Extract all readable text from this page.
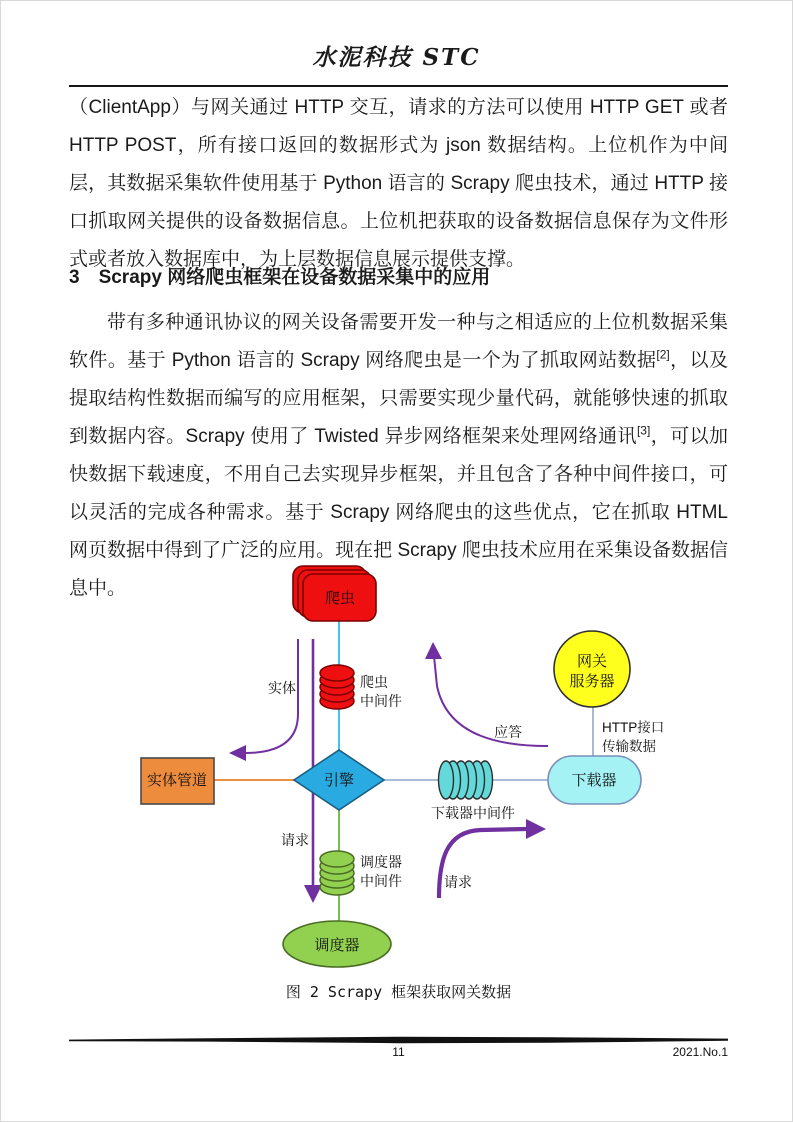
水泥科技 STC

（ClientApp）与网关通过 HTTP 交互，请求的方法可以使用 HTTP GET 或者 HTTP POST，所有接口返回的数据形式为 json 数据结构。上位机作为中间层，其数据采集软件使用基于 Python 语言的 Scrapy 爬虫技术，通过 HTTP 接口抓取网关提供的设备数据信息。上位机把获取的设备数据信息保存为文件形式或者放入数据库中，为上层数据信息展示提供支撑。

3　Scrapy 网络爬虫框架在设备数据采集中的应用

带有多种通讯协议的网关设备需要开发一种与之相适应的上位机数据采集软件。基于 Python 语言的 Scrapy 网络爬虫是一个为了抓取网站数据[2]，以及提取结构性数据而编写的应用框架，只需要实现少量代码，就能够快速的抓取到数据内容。Scrapy 使用了 Twisted 异步网络框架来处理网络通讯[3]，可以加快数据下载速度，不用自己去实现异步框架，并且包含了各种中间件接口，可以灵活的完成各种需求。基于 Scrapy 网络爬虫的这些优点，它在抓取 HTML 网页数据中得到了广泛的应用。现在把 Scrapy 爬虫技术应用在采集设备数据信息中。	爬虫
爬虫
中间件
引擎
实体管道
下载器中间件
下载器
网关
服务器
调度器
中间件
调度器
实体
请求
应答	HTTP接口
传输数据
请求
图 2 Scrapy 框架获取网关数据
11	2021.No.1
